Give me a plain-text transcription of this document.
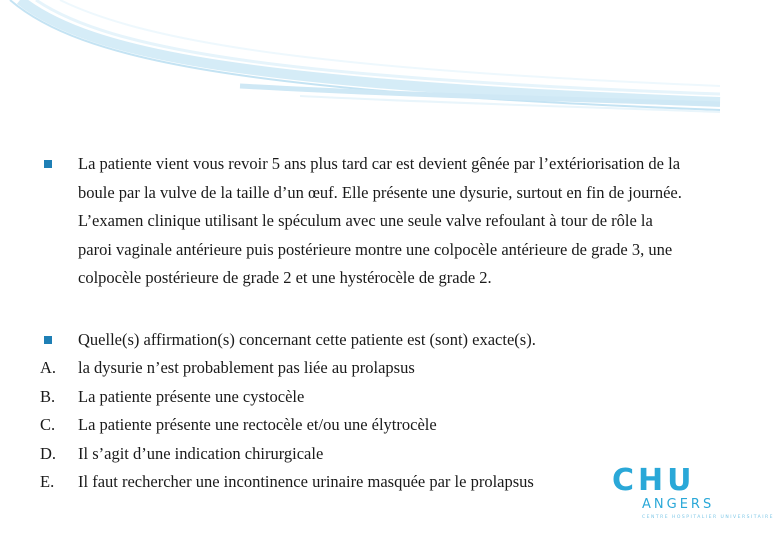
La patiente vient vous revoir 5 ans plus tard car est devient gênée par l’extériorisation de la boule par la vulve de la taille d’un œuf. Elle présente une dysurie, surtout en fin de journée. L’examen clinique utilisant le spéculum avec une seule valve refoulant à tour de rôle la paroi vaginale antérieure puis postérieure montre une colpocèle antérieure de grade 3, une colpocèle postérieure de grade 2 et une hystérocèle de grade 2.
Quelle(s) affirmation(s) concernant cette patiente est (sont) exacte(s).
A.	la dysurie n’est probablement pas liée au prolapsus
B.	La patiente présente une cystocèle
C.	La patiente présente une rectocèle et/ou une élytrocèle
D.	Il s’agit d’une indication chirurgicale
E.	Il faut rechercher une incontinence urinaire masquée par le prolapsus	CHU
ANGERS
CENTRE HOSPITALIER UNIVERSITAIRE
